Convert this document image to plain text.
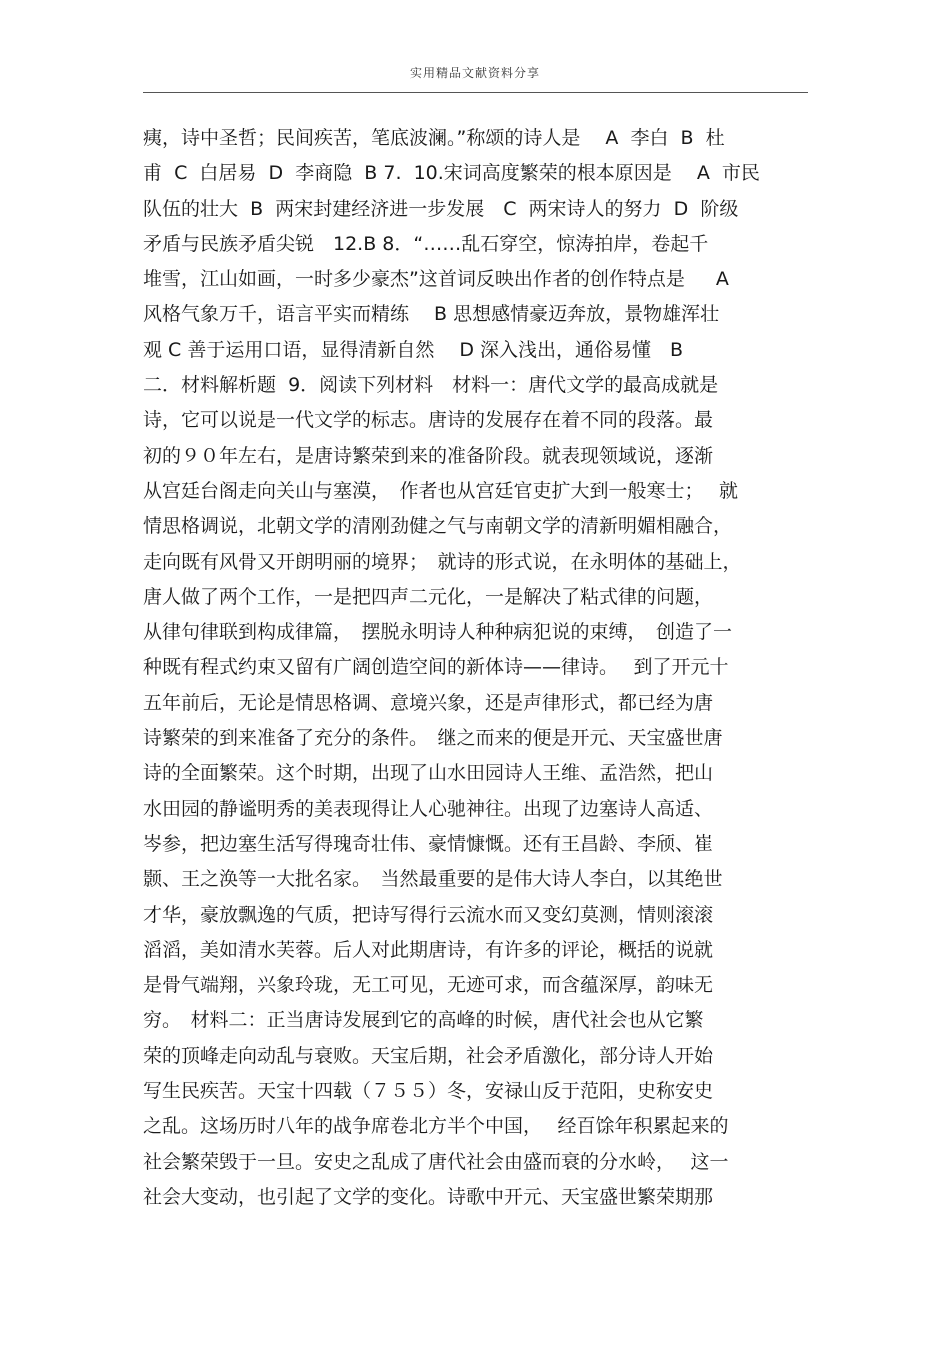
实用精品文献资料分享
痍，诗中圣哲；民间疾苦，笔底波澜。”称颂的诗人是　 A  李白  B  杜
甫  C  白居易  D  李商隐  B 7.  10.宋词高度繁荣的根本原因是　 A  市民
队伍的壮大  B  两宋封建经济进一步发展　C  两宋诗人的努力  D  阶级
矛盾与民族矛盾尖锐　12.B 8．“……乱石穿空，惊涛拍岸，卷起千
堆雪，江山如画，一时多少豪杰”这首词反映出作者的创作特点是　  A
风格气象万千，语言平实而精练　 B 思想感情豪迈奔放，景物雄浑壮
观 C 善于运用口语，显得清新自然　 D 深入浅出，通俗易懂　B
二．材料解析题  9．阅读下列材料　材料一：唐代文学的最高成就是
诗，它可以说是一代文学的标志。唐诗的发展存在着不同的段落。最
初的９０年左右，是唐诗繁荣到来的准备阶段。就表现领域说，逐渐
从宫廷台阁走向关山与塞漠，　作者也从宫廷官吏扩大到一般寒士；　 就
情思格调说，北朝文学的清刚劲健之气与南朝文学的清新明媚相融合，
走向既有风骨又开朗明丽的境界；　就诗的形式说，在永明体的基础上，
唐人做了两个工作，一是把四声二元化，一是解决了粘式律的问题，
从律句律联到构成律篇，　摆脱永明诗人种种病犯说的束缚，　创造了一
种既有程式约束又留有广阔创造空间的新体诗——律诗。　 到了开元十
五年前后，无论是情思格调、意境兴象，还是声律形式，都已经为唐
诗繁荣的到来准备了充分的条件。　继之而来的便是开元、天宝盛世唐
诗的全面繁荣。这个时期，出现了山水田园诗人王维、孟浩然，把山
水田园的静谧明秀的美表现得让人心驰神往。出现了边塞诗人高适、
岑参，把边塞生活写得瑰奇壮伟、豪情慷慨。还有王昌龄、李颀、崔
颢、王之涣等一大批名家。　当然最重要的是伟大诗人李白，以其绝世
才华，豪放飘逸的气质，把诗写得行云流水而又变幻莫测，情则滚滚
滔滔，美如清水芙蓉。后人对此期唐诗，有许多的评论，概括的说就
是骨气端翔，兴象玲珑，无工可见，无迹可求，而含蕴深厚，韵味无
穷。　材料二：正当唐诗发展到它的高峰的时候，唐代社会也从它繁
荣的顶峰走向动乱与衰败。天宝后期，社会矛盾激化，部分诗人开始
写生民疾苦。天宝十四载（７５５）冬，安禄山反于范阳，史称安史
之乱。这场历时八年的战争席卷北方半个中国，　 经百馀年积累起来的
社会繁荣毁于一旦。安史之乱成了唐代社会由盛而衰的分水岭，　 这一
社会大变动，也引起了文学的变化。诗歌中开元、天宝盛世繁荣期那
